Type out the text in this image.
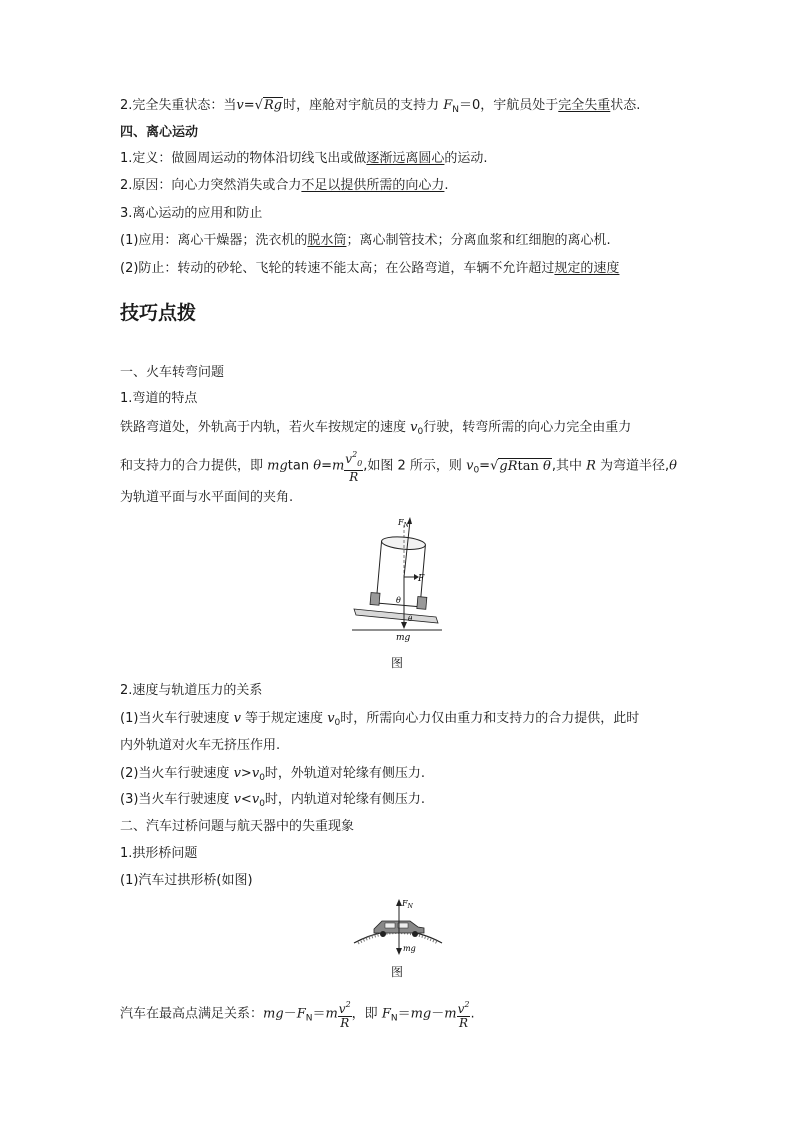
2.完全失重状态：当v=√Rg时，座舱对宇航员的支持力 $F_N=0$，宇航员处于完全失重状态.
四、离心运动
1.定义：做圆周运动的物体沿切线飞出或做逐渐远离圆心的运动.
2.原因：向心力突然消失或合力不足以提供所需的向心力.
3.离心运动的应用和防止
(1)应用：离心干燥器；洗衣机的脱水筒；离心制管技术；分离血浆和红细胞的离心机.
(2)防止：转动的砂轮、飞轮的转速不能太高；在公路弯道，车辆不允许超过规定的速度
技巧点拨
一、火车转弯问题
1.弯道的特点
铁路弯道处，外轨高于内轨，若火车按规定的速度 $v_0$行驶，转弯所需的向心力完全由重力
和支持力的合力提供，即 mgtan $\theta=m \frac{v^2_0}{R}$ ,如图 2 所示，则 $v_0=√gRtan$ θ,其中 R 为弯道半径,θ
为轨道平面与水平面间的夹角.
$F_N$
F
θ
θ
mg
图
2.速度与轨道压力的关系
(1)当火车行驶速度 v 等于规定速度 $v_0$时，所需向心力仅由重力和支持力的合力提供，此时
内外轨道对火车无挤压作用.
(2)当火车行驶速度 $v>v_0$时，外轨道对轮缘有侧压力.
(3)当火车行驶速度 $v<v_0$时，内轨道对轮缘有侧压力.
二、汽车过桥问题与航天器中的失重现象
1.拱形桥问题
(1)汽车过拱形桥(如图)
$F_N$
mg
图
汽车在最高点满足关系：$mg-F_N=m \frac{v^2}{R}$ ，即 $F_N=mg-m \frac{v^2}{R}$ .
